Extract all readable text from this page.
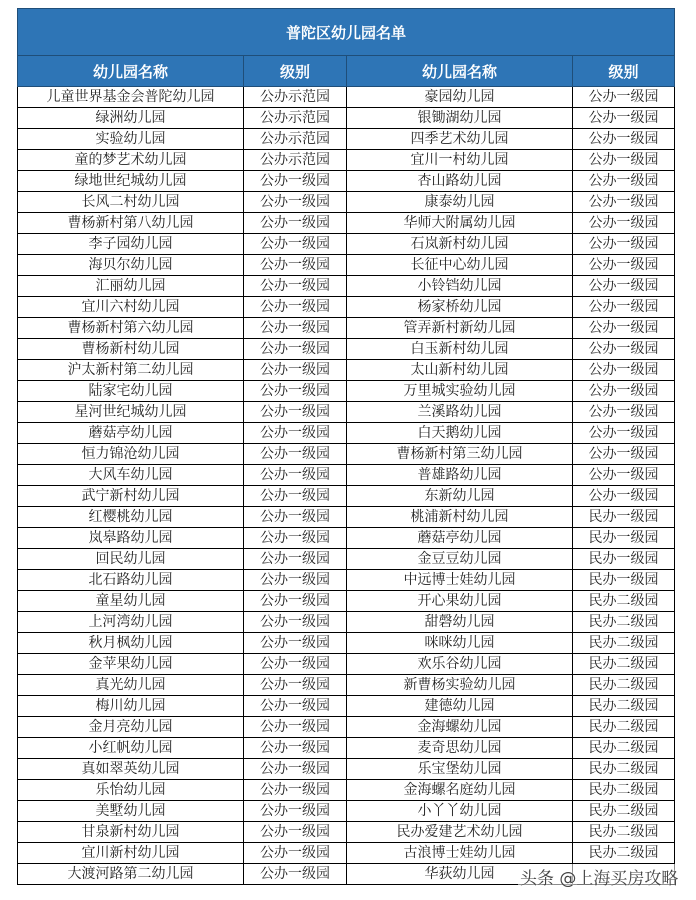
普陀区幼儿园名单			
幼儿园名称	级别	幼儿园名称	级别
儿童世界基金会普陀幼儿园	公办示范园	豪园幼儿园	公办一级园
绿洲幼儿园	公办示范园	银锄湖幼儿园	公办一级园
实验幼儿园	公办示范园	四季艺术幼儿园	公办一级园
童的梦艺术幼儿园	公办示范园	宜川一村幼儿园	公办一级园
绿地世纪城幼儿园	公办一级园	杏山路幼儿园	公办一级园
长风二村幼儿园	公办一级园	康泰幼儿园	公办一级园
曹杨新村第八幼儿园	公办一级园	华师大附属幼儿园	公办一级园
李子园幼儿园	公办一级园	石岚新村幼儿园	公办一级园
海贝尔幼儿园	公办一级园	长征中心幼儿园	公办一级园
汇丽幼儿园	公办一级园	小铃铛幼儿园	公办一级园
宜川六村幼儿园	公办一级园	杨家桥幼儿园	公办一级园
曹杨新村第六幼儿园	公办一级园	管弄新村新幼儿园	公办一级园
曹杨新村幼儿园	公办一级园	白玉新村幼儿园	公办一级园
沪太新村第二幼儿园	公办一级园	太山新村幼儿园	公办一级园
陆家宅幼儿园	公办一级园	万里城实验幼儿园	公办一级园
星河世纪城幼儿园	公办一级园	兰溪路幼儿园	公办一级园
蘑菇亭幼儿园	公办一级园	白天鹅幼儿园	公办一级园
恒力锦沧幼儿园	公办一级园	曹杨新村第三幼儿园	公办一级园
大风车幼儿园	公办一级园	普雄路幼儿园	公办一级园
武宁新村幼儿园	公办一级园	东新幼儿园	公办一级园
红樱桃幼儿园	公办一级园	桃浦新村幼儿园	民办一级园
岚皋路幼儿园	公办一级园	蘑菇亭幼儿园	民办一级园
回民幼儿园	公办一级园	金豆豆幼儿园	民办一级园
北石路幼儿园	公办一级园	中远博士娃幼儿园	民办一级园
童星幼儿园	公办一级园	开心果幼儿园	民办二级园
上河湾幼儿园	公办一级园	甜磬幼儿园	民办二级园
秋月枫幼儿园	公办一级园	咪咪幼儿园	民办二级园
金苹果幼儿园	公办一级园	欢乐谷幼儿园	民办二级园
真光幼儿园	公办一级园	新曹杨实验幼儿园	民办二级园
梅川幼儿园	公办一级园	建德幼儿园	民办二级园
金月亮幼儿园	公办一级园	金海螺幼儿园	民办二级园
小红帆幼儿园	公办一级园	麦奇思幼儿园	民办二级园
真如翠英幼儿园	公办一级园	乐宝堡幼儿园	民办二级园
乐怡幼儿园	公办一级园	金海螺名庭幼儿园	民办二级园
美墅幼儿园	公办一级园	小丫丫幼儿园	民办二级园
甘泉新村幼儿园	公办一级园	民办爱建艺术幼儿园	民办二级园
宜川新村幼儿园	公办一级园	古浪博士娃幼儿园	民办二级园
大渡河路第二幼儿园	公办一级园	华荻幼儿园	头条 @上海买房攻略
